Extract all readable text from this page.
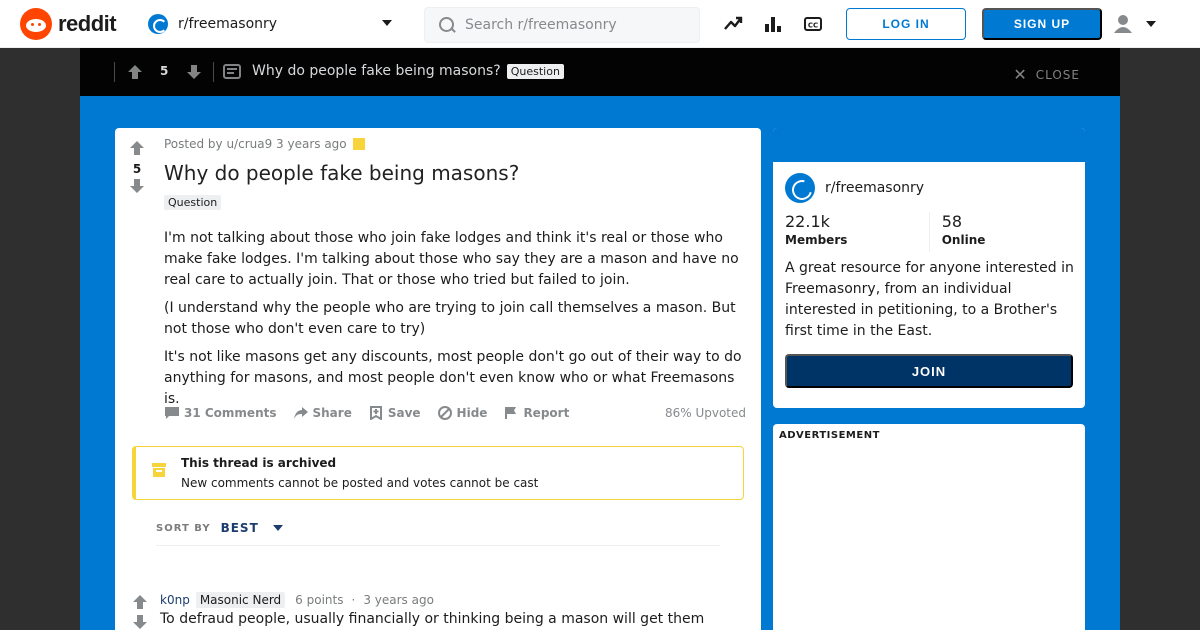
reddit	r/freemasonry
Search r/freemasonry	CC	LOG IN	SIGN UP
5	Why do people fake being masons? Question	✕ CLOSE
5
Posted by u/crua9 3 years ago
Why do people fake being masons?
Question

I'm not talking about those who join fake lodges and think it's real or those who make fake lodges. I'm talking about those who say they are a mason and have no real care to actually join. That or those who tried but failed to join.

(I understand why the people who are trying to join call themselves a mason. But not those who don't even care to try)

It's not like masons get any discounts, most people don't go out of their way to do anything for masons, and most people don't even know who or what Freemasons is.

31 Comments	Share	Save	Hide	Report	86% Upvoted
This thread is archived
New comments cannot be posted and votes cannot be cast
SORT BY BEST
k0np Masonic Nerd	6 points · 3 years ago
To defraud people, usually financially or thinking being a mason will get them
r/freemasonry
22.1k
Members
58
Online
A great resource for anyone interested in Freemasonry, from an individual interested in petitioning, to a Brother's first time in the East.
JOIN
ADVERTISEMENT
